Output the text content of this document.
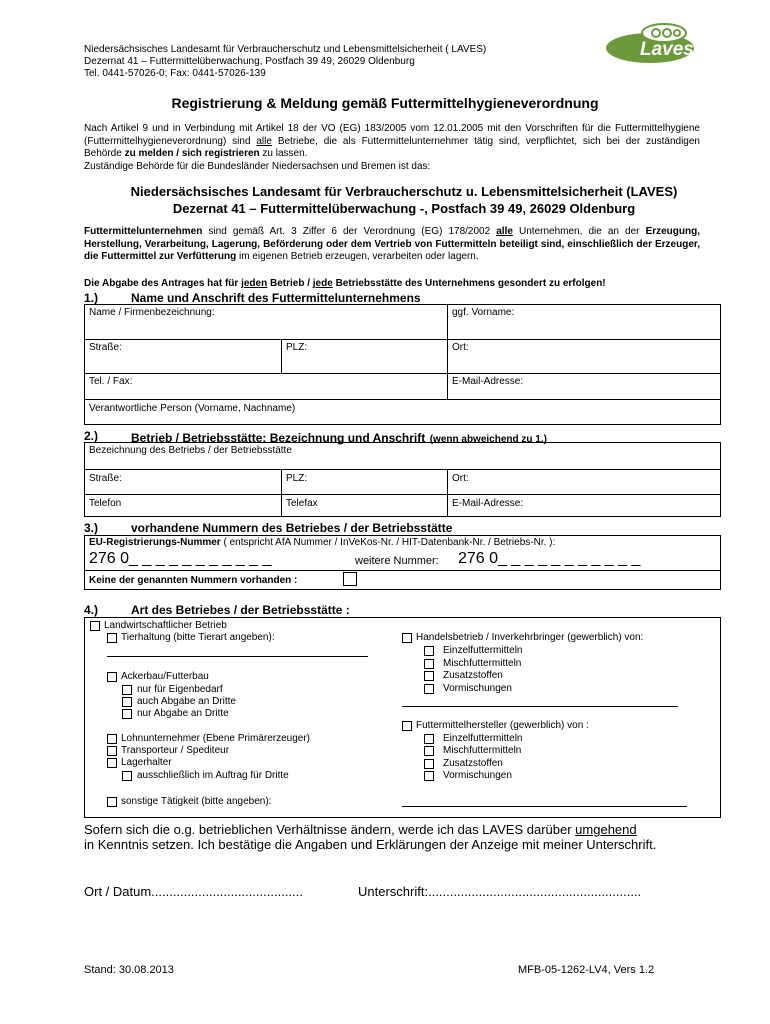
Niedersächsisches Landesamt für Verbraucherschutz und Lebensmittelsicherheit ( LAVES)
Dezernat 41 – Futtermittelüberwachung, Postfach 39 49, 26029 Oldenburg
Tel. 0441-57026-0; Fax: 0441-57026-139
Laves
Registrierung & Meldung gemäß Futtermittelhygieneverordnung
Nach Artikel 9 und in Verbindung mit Artikel 18 der VO (EG) 183/2005 vom 12.01.2005 mit den Vorschriften für die Futtermittelhygiene (Futtermittelhygieneverordnung) sind alle Betriebe, die als Futtermittelunternehmer tätig sind, verpflichtet, sich bei der zuständigen Behörde zu melden / sich registrieren zu lassen.
Zuständige Behörde für die Bundesländer Niedersachsen und Bremen ist das:
Niedersächsisches Landesamt für Verbraucherschutz u. Lebensmittelsicherheit (LAVES)
Dezernat 41 – Futtermittelüberwachung -, Postfach 39 49, 26029 Oldenburg
Futtermittelunternehmen sind gemäß Art. 3 Ziffer 6 der Verordnung (EG) 178/2002 alle Unternehmen, die an der Erzeugung, Herstellung, Verarbeitung, Lagerung, Beförderung oder dem Vertrieb von Futtermitteln beteiligt sind, einschließlich der Erzeuger, die Futtermittel zur Verfütterung im eigenen Betrieb erzeugen, verarbeiten oder lagern.
Die Abgabe des Antrages hat für jeden Betrieb / jede Betriebsstätte des Unternehmens gesondert zu erfolgen!
1.)	Name und Anschrift des Futtermittelunternehmens
Name / Firmenbezeichnung:	ggf. Vorname:
Straße:	PLZ:	Ort:
Tel. / Fax:	E-Mail-Adresse:
Verantwortliche Person (Vorname, Nachname)
2.)	Betrieb / Betriebsstätte: Bezeichnung und Anschrift (wenn abweichend zu 1.)
Bezeichnung des Betriebs / der Betriebsstätte
Straße:	PLZ:	Ort:
Telefon	Telefax	E-Mail-Adresse:
3.)	vorhandene Nummern des Betriebes / der Betriebsstätte
EU-Registrierungs-Nummer ( entspricht AfA Nummer / InVeKos-Nr. / HIT-Datenbank-Nr. / Betriebs-Nr. ):
276 0_ _ _ _ _ _ _ _ _ _ _	weitere Nummer: 276 0_ _ _ _ _ _ _ _ _ _ _
Keine der genannten Nummern vorhanden :
4.)	Art des Betriebes / der Betriebsstätte :
Landwirtschaftlicher Betrieb
Tierhaltung (bitte Tierart angeben):
Ackerbau/Futterbau
nur für Eigenbedarf
auch Abgabe an Dritte
nur Abgabe an Dritte
Lohnunternehmer (Ebene Primärerzeuger)
Transporteur / Spediteur
Lagerhalter
ausschließlich im Auftrag für Dritte
sonstige Tätigkeit (bitte angeben):
Handelsbetrieb / Inverkehrbringer (gewerblich) von:
Einzelfuttermitteln
Mischfuttermitteln
Zusatzstoffen
Vormischungen
Futtermittelhersteller (gewerblich) von :
Einzelfuttermitteln
Mischfuttermitteln
Zusatzstoffen
Vormischungen
Sofern sich die o.g. betrieblichen Verhältnisse ändern, werde ich das LAVES darüber umgehend
in Kenntnis setzen. Ich bestätige die Angaben und Erklärungen der Anzeige mit meiner Unterschrift.
Ort / Datum..........................................	Unterschrift:...........................................................
Stand: 30.08.2013	MFB-05-1262-LV4, Vers 1.2
